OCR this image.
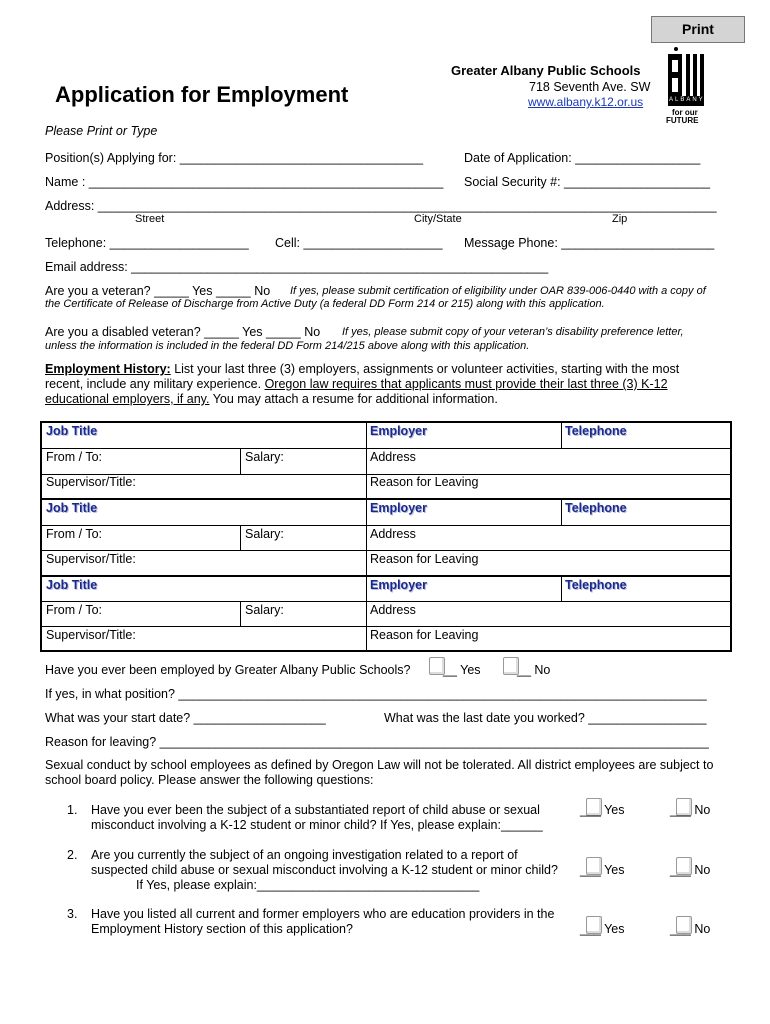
Print
Application for Employment
Greater Albany Public Schools
718 Seventh Ave. SW
www.albany.k12.or.us	ALBANY
for our
FUTURE
Please Print or Type
Position(s) Applying for: ___________________________________	Date of Application: __________________
Name : ___________________________________________________ Social Security #: _____________________
Address: _________________________________________________________________________________________
Street	City/State	Zip
Telephone: ____________________ Cell: ____________________ Message Phone: ______________________
Email address: ____________________________________________________________
Are you a veteran? _____ Yes _____ No If yes, please submit certification of eligibility under OAR 839-006-0440 with a copy of
the Certificate of Release of Discharge from Active Duty (a federal DD Form 214 or 215) along with this application.
Are you a disabled veteran? _____ Yes _____ No If yes, please submit copy of your veteran’s disability preference letter,
unless the information is included in the federal DD Form 214/215 above along with this application.
Employment History: List your last three (3) employers, assignments or volunteer activities, starting with the most
recent, include any military experience. Oregon law requires that applicants must provide their last three (3) K-12
educational employers, if any. You may attach a resume for additional information.
Job Title	Employer	Telephone
From / To:	Salary:	Address
Supervisor/Title:	Reason for Leaving
Job Title	Employer	Telephone
From / To:	Salary:	Address
Supervisor/Title:	Reason for Leaving
Job Title	Employer	Telephone
From / To:	Salary:	Address
Supervisor/Title:	Reason for Leaving
Have you ever been employed by Greater Albany Public Schools?	__ Yes	__ No
If yes, in what position? ____________________________________________________________________________
What was your start date? ___________________	What was the last date you worked? _________________
Reason for leaving? _______________________________________________________________________________
Sexual conduct by school employees as defined by Oregon Law will not be tolerated. All district employees are subject to
school board policy. Please answer the following questions:
1. Have you ever been the subject of a substantiated report of child abuse or sexual
misconduct involving a K-12 student or minor child? If Yes, please explain:______
___ Yes	___ No
2. Are you currently the subject of an ongoing investigation related to a report of
suspected child abuse or sexual misconduct involving a K-12 student or minor child?
If Yes, please explain:________________________________
___ Yes	___ No
3. Have you listed all current and former employers who are education providers in the
Employment History section of this application?	___ Yes	___ No
